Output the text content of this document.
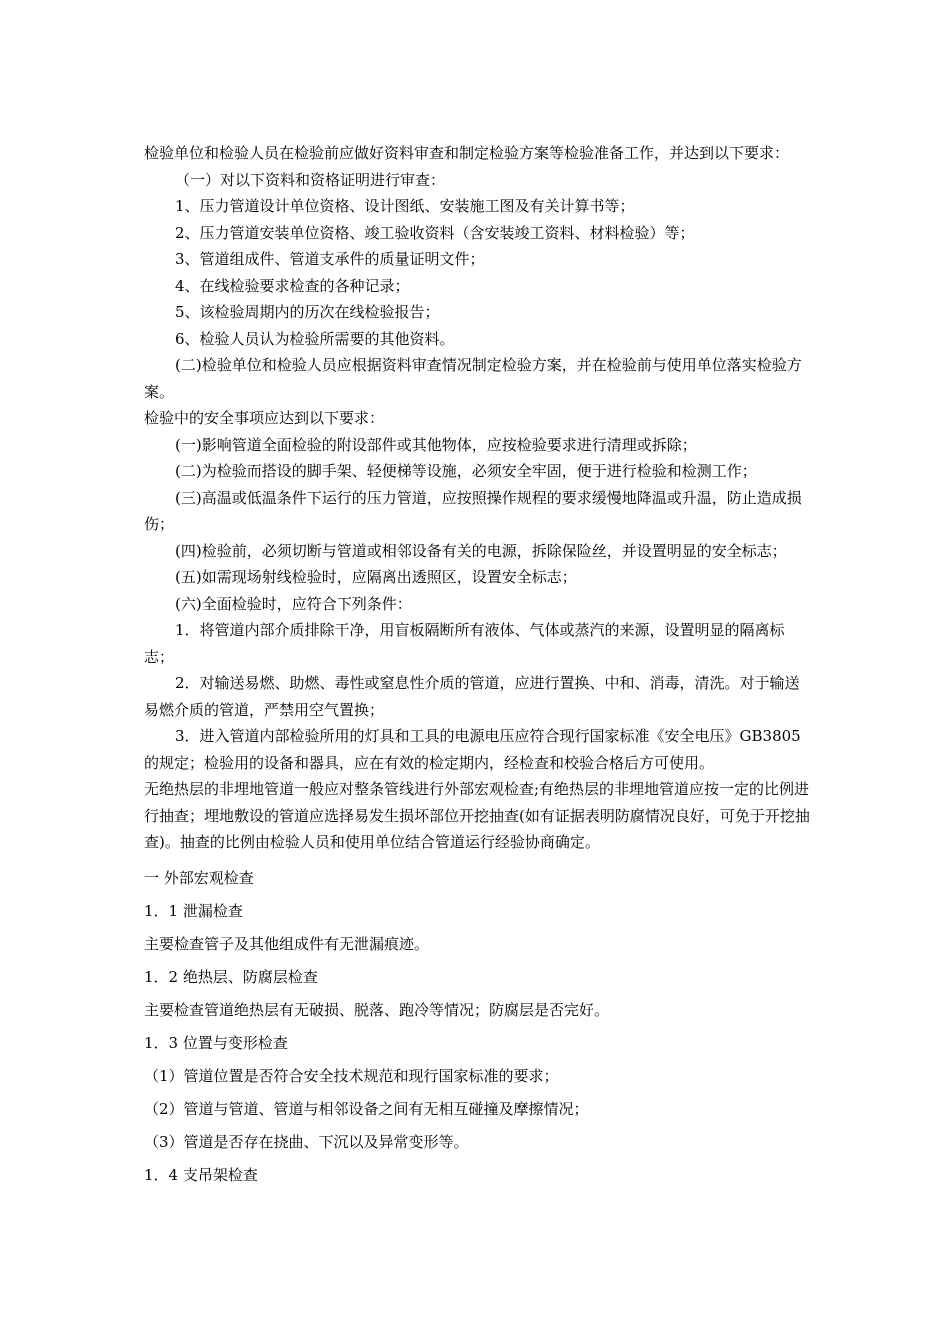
检验单位和检验人员在检验前应做好资料审查和制定检验方案等检验准备工作，并达到以下要求：

（一）对以下资料和资格证明进行审查：

1、压力管道设计单位资格、设计图纸、安装施工图及有关计算书等；

2、压力管道安装单位资格、竣工验收资料（含安装竣工资料、材料检验）等；

3、管道组成件、管道支承件的质量证明文件；

4、在线检验要求检查的各种记录；

5、该检验周期内的历次在线检验报告；

6、检验人员认为检验所需要的其他资料。

(二)检验单位和检验人员应根据资料审查情况制定检验方案，并在检验前与使用单位落实检验方案。

检验中的安全事项应达到以下要求：

(一)影响管道全面检验的附设部件或其他物体，应按检验要求进行清理或拆除；

(二)为检验而搭设的脚手架、轻便梯等设施，必须安全牢固，便于进行检验和检测工作；

(三)高温或低温条件下运行的压力管道，应按照操作规程的要求缓慢地降温或升温，防止造成损伤；

(四)检验前，必须切断与管道或相邻设备有关的电源，拆除保险丝，并设置明显的安全标志；

(五)如需现场射线检验时，应隔离出透照区，设置安全标志；

(六)全面检验时，应符合下列条件：

1．将管道内部介质排除干净，用盲板隔断所有液体、气体或蒸汽的来源，设置明显的隔离标志；

2．对输送易燃、助燃、毒性或窒息性介质的管道，应进行置换、中和、消毒，清洗。对于输送易燃介质的管道，严禁用空气置换；

3．进入管道内部检验所用的灯具和工具的电源电压应符合现行国家标准《安全电压》GB3805 的规定；检验用的设备和器具，应在有效的检定期内，经检查和校验合格后方可使用。

无绝热层的非埋地管道一般应对整条管线进行外部宏观检查;有绝热层的非埋地管道应按一定的比例进行抽查；埋地敷设的管道应选择易发生损坏部位开挖抽查(如有证据表明防腐情况良好，可免于开挖抽查)。抽查的比例由检验人员和使用单位结合管道运行经验协商确定。

一 外部宏观检查

1．1 泄漏检查

主要检查管子及其他组成件有无泄漏痕迹。

1．2 绝热层、防腐层检查

主要检查管道绝热层有无破损、脱落、跑冷等情况；防腐层是否完好。

1．3 位置与变形检查

（1）管道位置是否符合安全技术规范和现行国家标准的要求；

（2）管道与管道、管道与相邻设备之间有无相互碰撞及摩擦情况；

（3）管道是否存在挠曲、下沉以及异常变形等。

1．4 支吊架检查
